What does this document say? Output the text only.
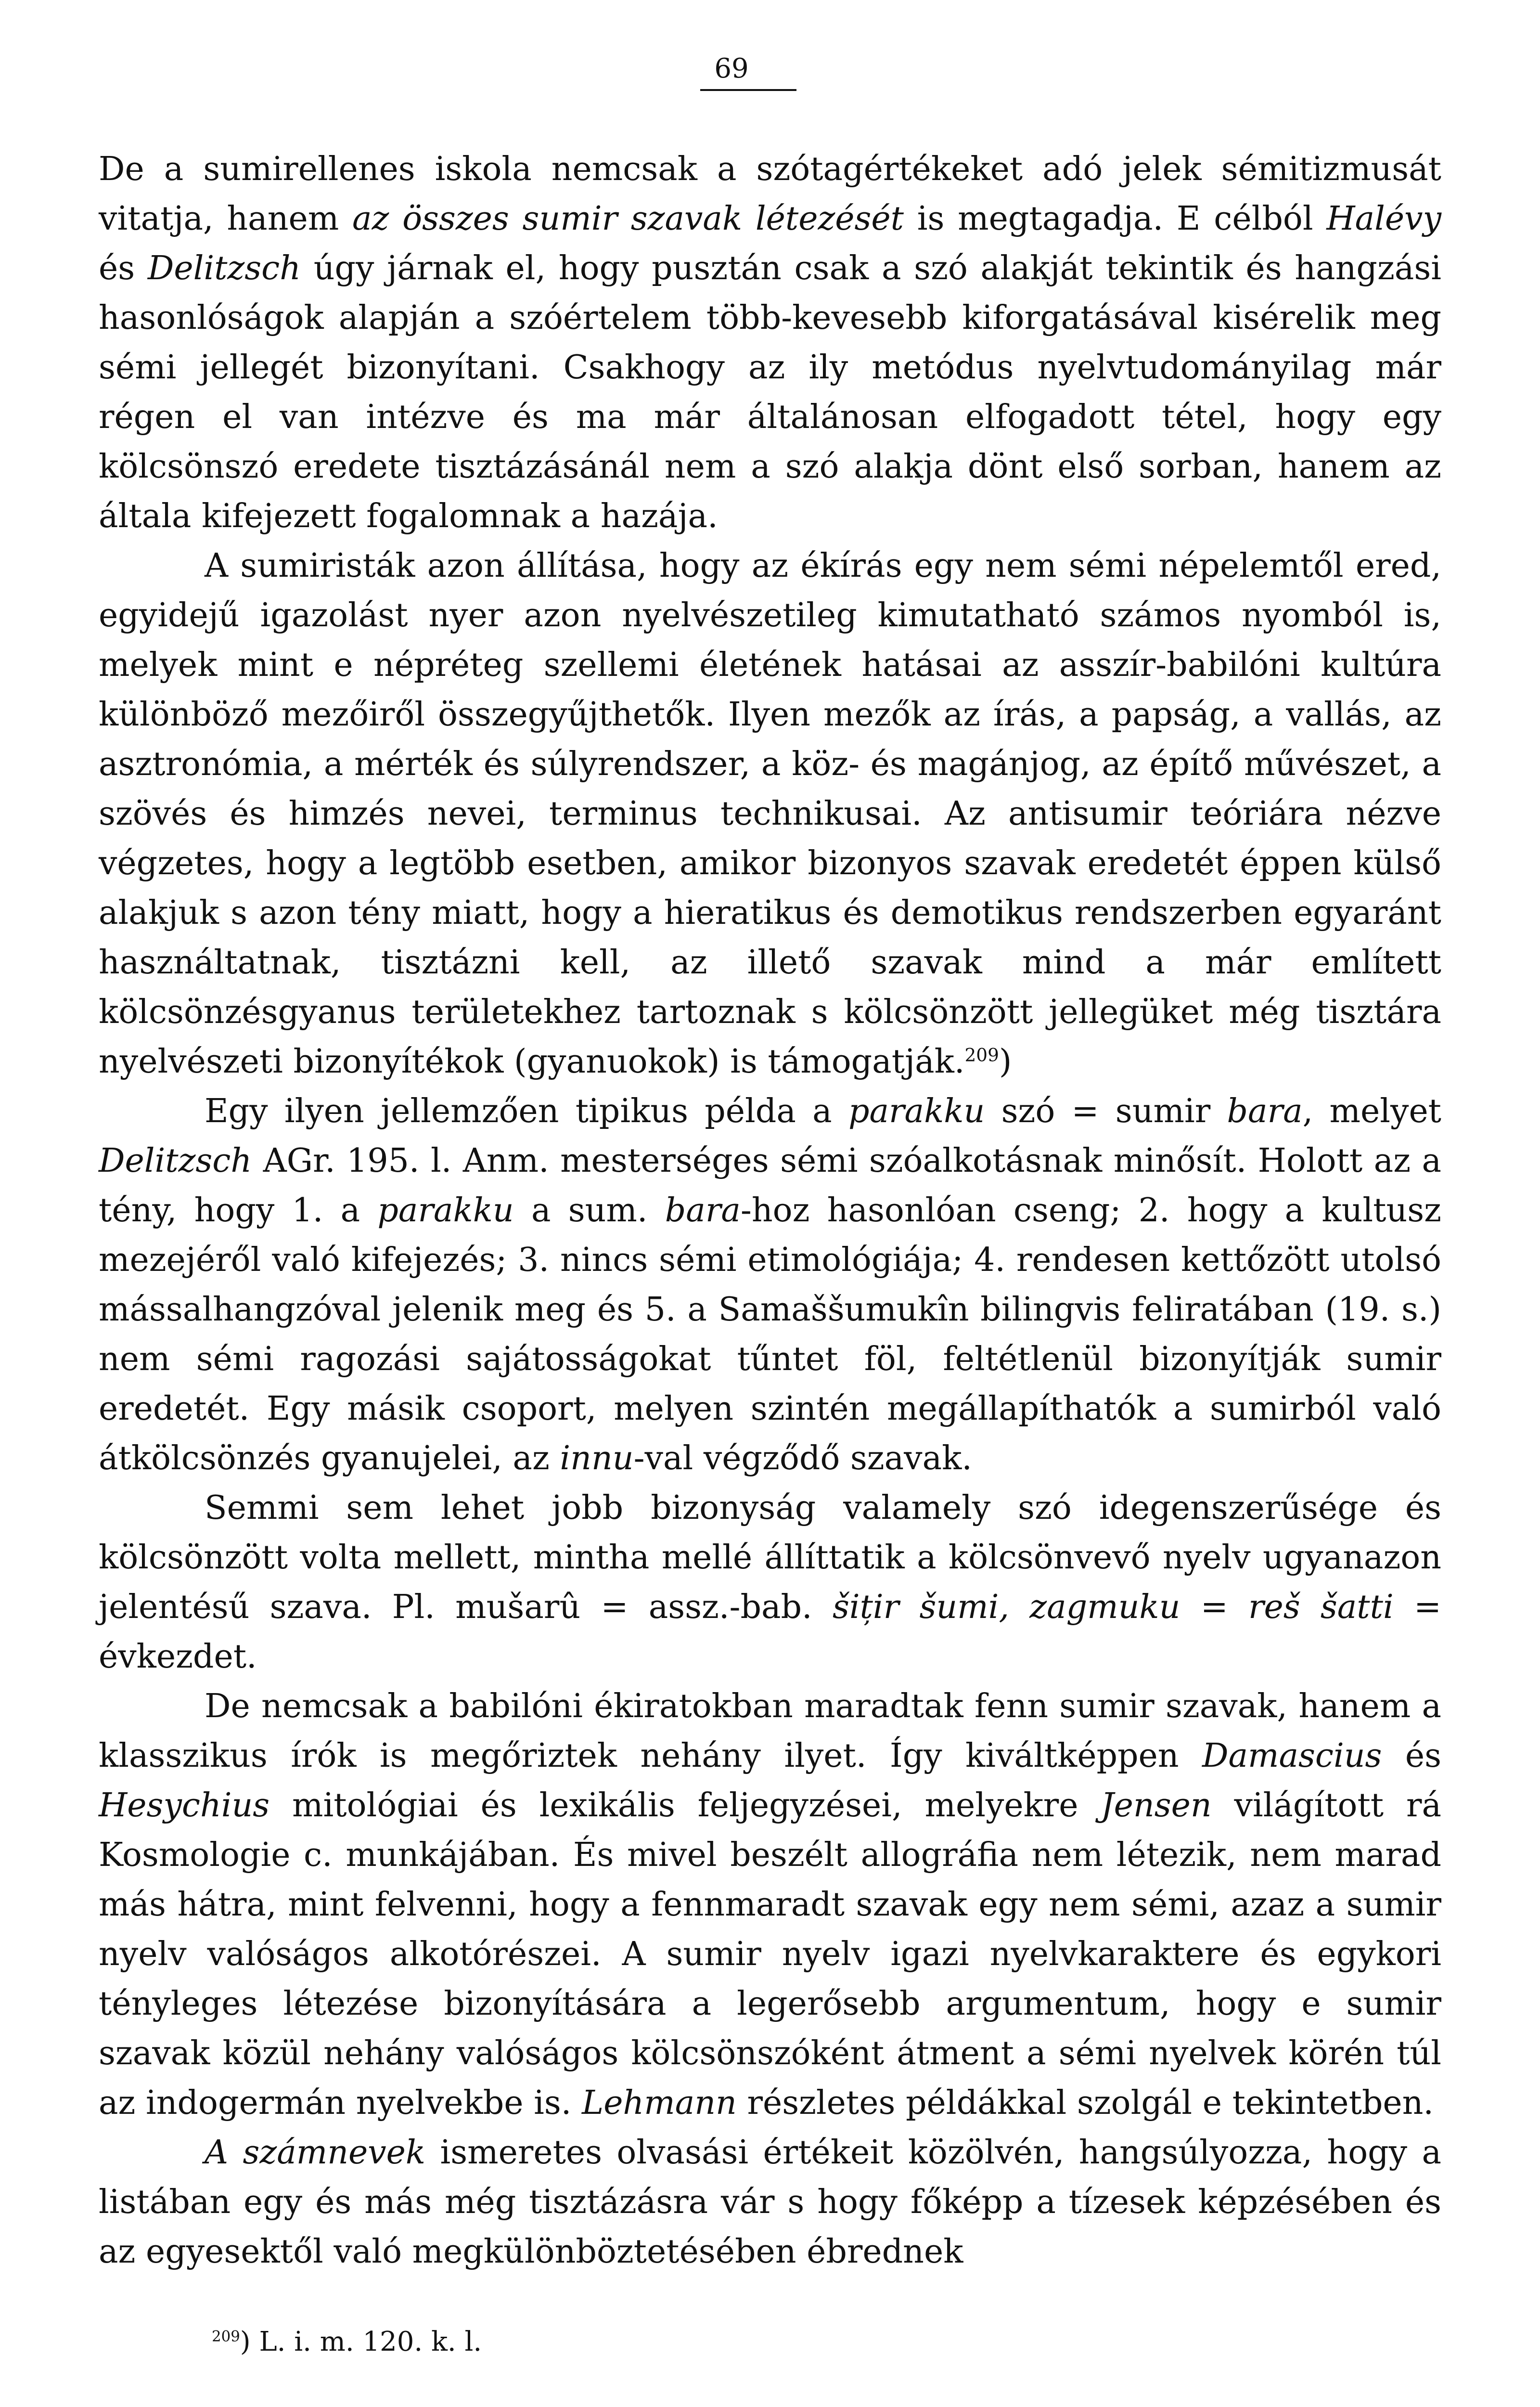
69

De a sumirellenes iskola nemcsak a szótagértékeket adó jelek sémitizmusát vitatja, hanem az összes sumir szavak létezését is megtagadja. E célból Halévy és Delitzsch úgy járnak el, hogy pusztán csak a szó alakját tekintik és hangzási hasonlóságok alapján a szóértelem több-kevesebb kiforgatásával kisérelik meg sémi jellegét bizonyítani. Csakhogy az ily metódus nyelvtudományilag már régen el van intézve és ma már általánosan elfogadott tétel, hogy egy kölcsönszó eredete tisztázásánál nem a szó alakja dönt első sorban, hanem az általa kifejezett fogalomnak a hazája.

A sumiristák azon állítása, hogy az ékírás egy nem sémi népelemtől ered, egyidejű igazolást nyer azon nyelvészetileg kimutatható számos nyomból is, melyek mint e népréteg szellemi életének hatásai az asszír-babilóni kultúra különböző mezőiről összegyűjthetők. Ilyen mezők az írás, a papság, a vallás, az asztronómia, a mérték és súlyrendszer, a köz- és magánjog, az építő művészet, a szövés és himzés nevei, terminus technikusai. Az antisumir teóriára nézve végzetes, hogy a legtöbb esetben, amikor bizonyos szavak eredetét éppen külső alakjuk s azon tény miatt, hogy a hieratikus és demotikus rendszerben egyaránt használtatnak, tisztázni kell, az illető szavak mind a már említett kölcsönzésgyanus területekhez tartoznak s kölcsönzött jellegüket még tisztára nyelvészeti bizonyítékok (gyanuokok) is támogatják.$^{209}$)

Egy ilyen jellemzően tipikus példa a parakku szó = sumir bara, melyet Delitzsch AGr. 195. l. Anm. mesterséges sémi szóalkotásnak minősít. Holott az a tény, hogy 1. a parakku a sum. bara-hoz hasonlóan cseng; 2. hogy a kultusz mezejéről való kifejezés; 3. nincs sémi etimológiája; 4. rendesen kettőzött utolsó mássalhangzóval jelenik meg és 5. a Samaššumukîn bilingvis feliratában (19. s.) nem sémi ragozási sajátosságokat tűntet föl, feltétlenül bizonyítják sumir eredetét. Egy másik csoport, melyen szintén megállapíthatók a sumirból való átkölcsönzés gyanujelei, az innu-val végződő szavak.

Semmi sem lehet jobb bizonyság valamely szó idegenszerűsége és kölcsönzött volta mellett, mintha mellé állíttatik a kölcsönvevő nyelv ugyanazon jelentésű szava. Pl. mušarû = assz.-bab. šițir šumi, zagmuku = reš šatti = évkezdet.

De nemcsak a babilóni ékiratokban maradtak fenn sumir szavak, hanem a klasszikus írók is megőriztek nehány ilyet. Így kiváltképpen Damascius és Hesychius mitológiai és lexikális feljegyzései, melyekre Jensen világított rá Kosmologie c. munkájában. És mivel beszélt allográfia nem létezik, nem marad más hátra, mint felvenni, hogy a fennmaradt szavak egy nem sémi, azaz a sumir nyelv valóságos alkotórészei. A sumir nyelv igazi nyelvkaraktere és egykori tényleges létezése bizonyítására a legerősebb argumentum, hogy e sumir szavak közül nehány valóságos kölcsönszóként átment a sémi nyelvek körén túl az indogermán nyelvekbe is. Lehmann részletes példákkal szolgál e tekintetben.

A számnevek ismeretes olvasási értékeit közölvén, hangsúlyozza, hogy a listában egy és más még tisztázásra vár s hogy főképp a tízesek képzésében és az egyesektől való megkülönböztetésében ébrednek

$^{209}$) L. i. m. 120. k. l.
